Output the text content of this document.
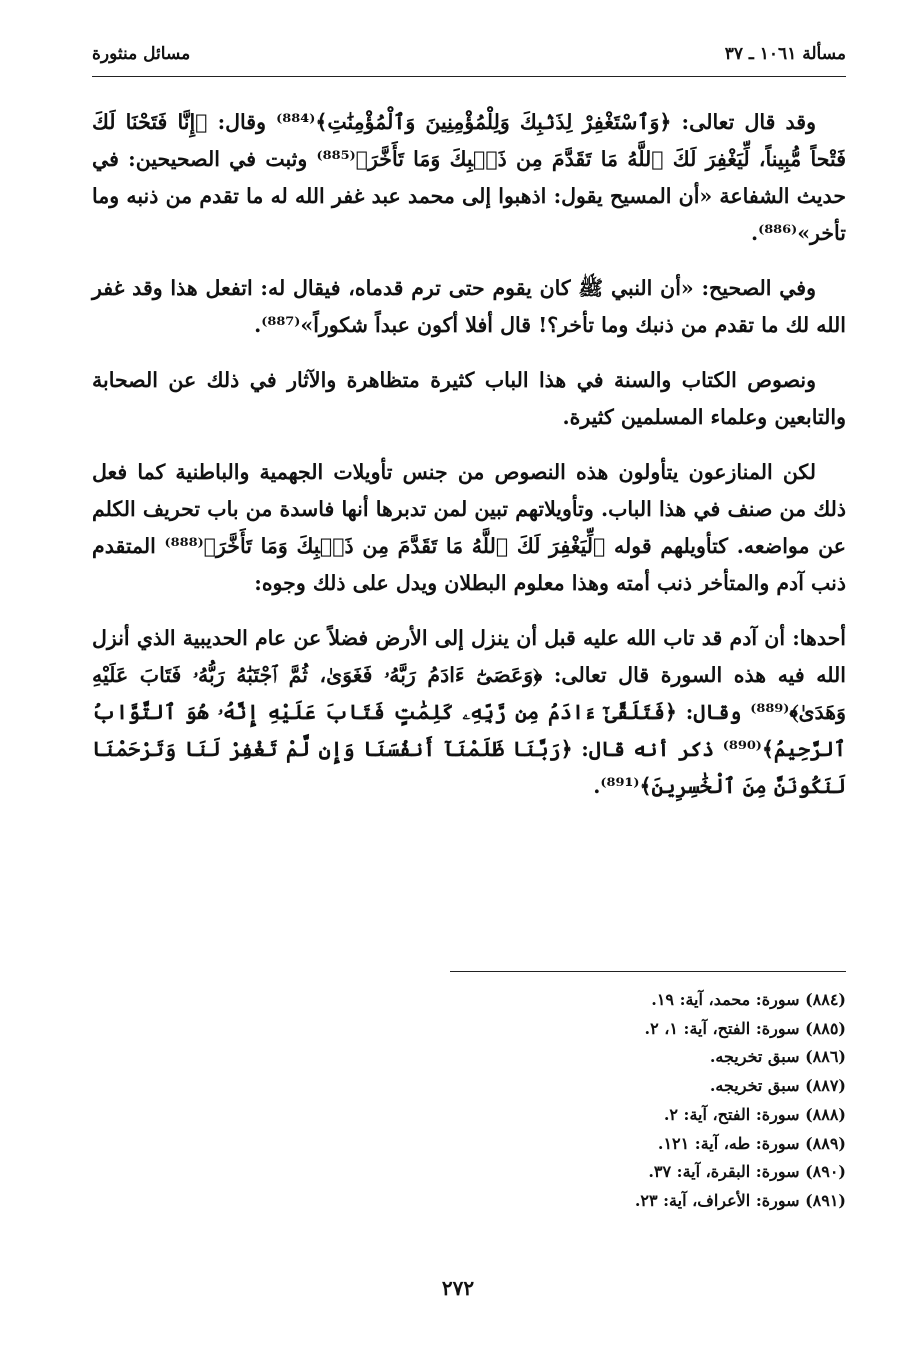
مسألة ١٠٦١ ـ ٣٧
مسائل منثورة

وقد قال تعالى: ﴿وَٱسْتَغْفِرْ لِذَنۢبِكَ وَلِلْمُؤْمِنِينَ وَٱلْمُؤْمِنَٰتِ﴾⁽⁸⁸⁴⁾ وقال: ﴿إِنَّا فَتَحْنَا لَكَ فَتْحاً مُّبِيناً، لِّيَغْفِرَ لَكَ ٱللَّهُ مَا تَقَدَّمَ مِن ذَنۢبِكَ وَمَا تَأَخَّرَ﴾⁽⁸⁸⁵⁾ وثبت في الصحيحين: في حديث الشفاعة «أن المسيح يقول: اذهبوا إلى محمد عبد غفر الله له ما تقدم من ذنبه وما تأخر»⁽⁸⁸⁶⁾.

وفي الصحيح: «أن النبي ﷺ كان يقوم حتى ترم قدماه، فيقال له: اتفعل هذا وقد غفر الله لك ما تقدم من ذنبك وما تأخر؟! قال أفلا أكون عبداً شكوراً»⁽⁸⁸⁷⁾.

ونصوص الكتاب والسنة في هذا الباب كثيرة متظاهرة والآثار في ذلك عن الصحابة والتابعين وعلماء المسلمين كثيرة.

لكن المنازعون يتأولون هذه النصوص من جنس تأويلات الجهمية والباطنية كما فعل ذلك من صنف في هذا الباب. وتأويلاتهم تبين لمن تدبرها أنها فاسدة من باب تحريف الكلم عن مواضعه. كتأويلهم قوله ﴿لِّيَغْفِرَ لَكَ ٱللَّهُ مَا تَقَدَّمَ مِن ذَنۢبِكَ وَمَا تَأَخَّرَ﴾⁽⁸⁸⁸⁾ المتقدم ذنب آدم والمتأخر ذنب أمته وهذا معلوم البطلان ويدل على ذلك وجوه:

أحدها: أن آدم قد تاب الله عليه قبل أن ينزل إلى الأرض فضلاً عن عام الحديبية الذي أنزل الله فيه هذه السورة قال تعالى: ﴿وَعَصَىٰٓ ءَادَمُ رَبَّهُۥ فَغَوَىٰ، ثُمَّ ٱجْتَبَٰهُ رَبُّهُۥ فَتَابَ عَلَيْهِ وَهَدَىٰ﴾⁽⁸⁸⁹⁾ وقال: ﴿فَتَلَقَّىٰٓ ءَادَمُ مِن رَّبِّهِۦ كَلِمَٰتٍ فَتَابَ عَلَيْهِ إِنَّهُۥ هُوَ ٱلتَّوَّابُ ٱلرَّحِيمُ﴾⁽⁸⁹⁰⁾ ذكر أنه قال: ﴿رَبَّنَا ظَلَمْنَآ أَنفُسَنَا وَإِن لَّمْ تَغْفِرْ لَنَا وَتَرْحَمْنَا لَنَكُونَنَّ مِنَ ٱلْخَٰسِرِينَ﴾⁽⁸⁹¹⁾.

(٨٨٤) سورة: محمد، آية: ١٩.
(٨٨٥) سورة: الفتح، آية: ١، ٢.
(٨٨٦) سبق تخريجه.
(٨٨٧) سبق تخريجه.
(٨٨٨) سورة: الفتح، آية: ٢.
(٨٨٩) سورة: طه، آية: ١٢١.
(٨٩٠) سورة: البقرة، آية: ٣٧.
(٨٩١) سورة: الأعراف، آية: ٢٣.
٢٧٢
